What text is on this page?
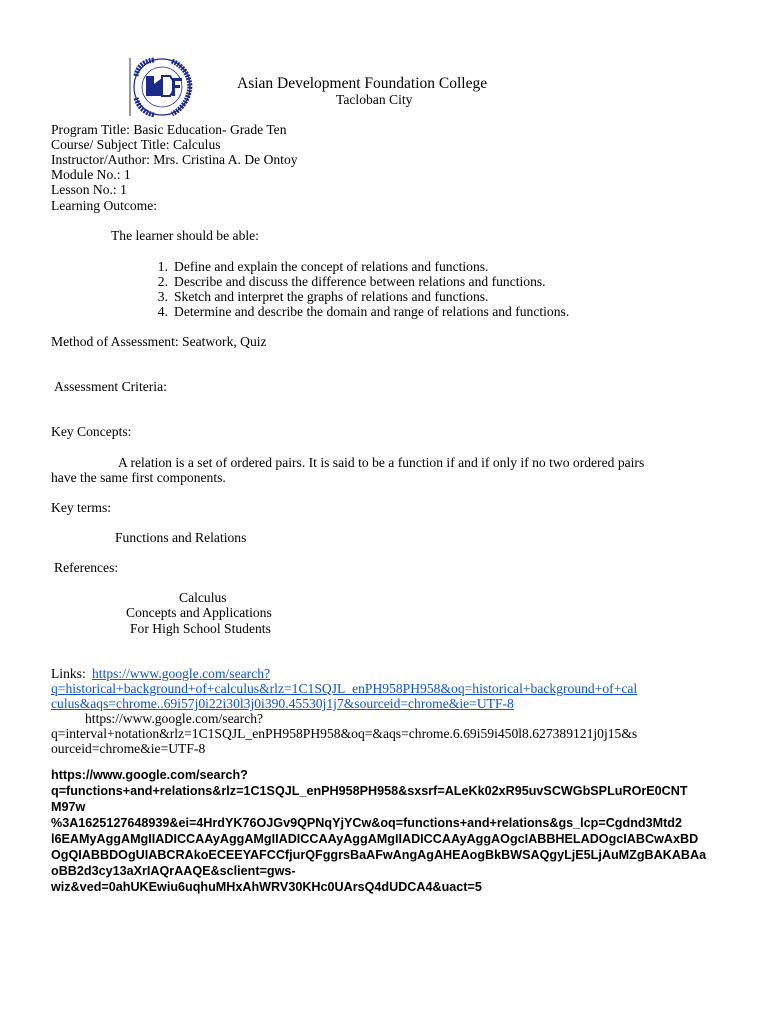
Asian Development Foundation College
Tacloban City
Program Title: Basic Education- Grade Ten
Course/ Subject Title: Calculus
Instructor/Author: Mrs. Cristina A. De Ontoy
Module No.: 1
Lesson No.: 1
Learning Outcome:
The learner should be able:
1. Define and explain the concept of relations and functions.
2. Describe and discuss the difference between relations and functions.
3. Sketch and interpret the graphs of relations and functions.
4. Determine and describe the domain and range of relations and functions.
Method of Assessment: Seatwork, Quiz
Assessment Criteria:
Key Concepts:
A relation is a set of ordered pairs. It is said to be a function if and if only if no two ordered pairs
have the same first components.
Key terms:
Functions and Relations
References:
Calculus
Concepts and Applications
For High School Students
Links: https://www.google.com/search?
q=historical+background+of+calculus&rlz=1C1SQJL_enPH958PH958&oq=historical+background+of+cal
culus&aqs=chrome..69i57j0i22i30l3j0i390.45530j1j7&sourceid=chrome&ie=UTF-8
https://www.google.com/search?
q=interval+notation&rlz=1C1SQJL_enPH958PH958&oq=&aqs=chrome.6.69i59i450l8.627389121j0j15&s
ourceid=chrome&ie=UTF-8
https://www.google.com/search?
q=functions+and+relations&rlz=1C1SQJL_enPH958PH958&sxsrf=ALeKk02xR95uvSCWGbSPLuROrE0CNT
M97w
%3A1625127648939&ei=4HrdYK76OJGv9QPNqYjYCw&oq=functions+and+relations&gs_lcp=Cgdnd3Mtd2
l6EAMyAggAMgIIADICCAAyAggAMgIIADICCAAyAggAMgIIADICCAAyAggAOgcIABBHELADOgcIABCwAxBD
OgQIABBDOgUIABCRAkoECEEYAFCCfjurQFggrsBaAFwAngAgAHEAogBkBWSAQgyLjE5LjAuMZgBAKABAa
oBB2d3cy13aXrIAQrAAQE&sclient=gws-
wiz&ved=0ahUKEwiu6uqhuMHxAhWRV30KHc0UArsQ4dUDCA4&uact=5
